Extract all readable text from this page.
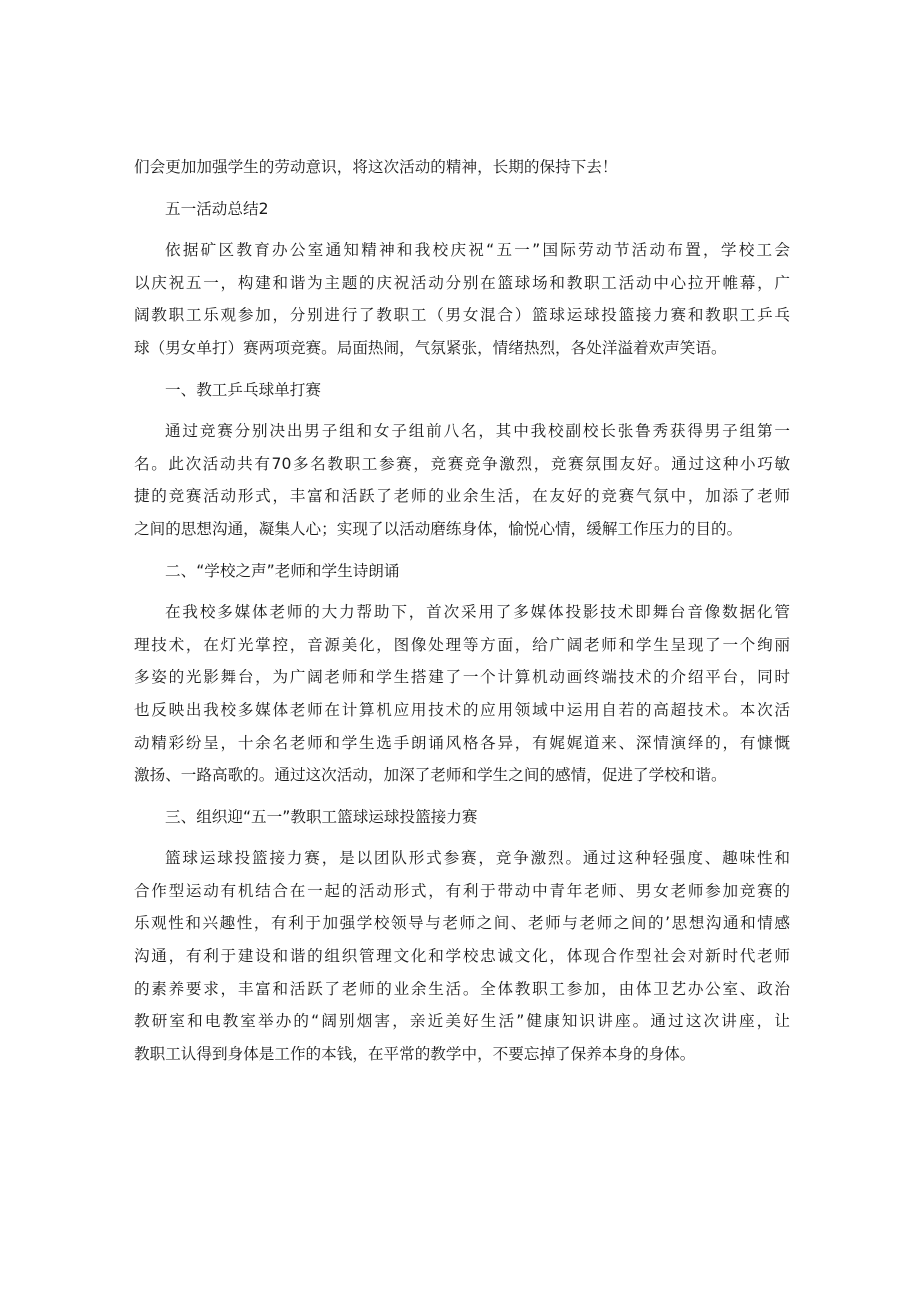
们会更加加强学生的劳动意识，将这次活动的精神，长期的保持下去！

五一活动总结2

依据矿区教育办公室通知精神和我校庆祝“五一”国际劳动节活动布置，学校工会

以庆祝五一，构建和谐为主题的庆祝活动分别在篮球场和教职工活动中心拉开帷幕，广

阔教职工乐观参加，分别进行了教职工（男女混合）篮球运球投篮接力赛和教职工乒乓

球（男女单打）赛两项竞赛。局面热闹，气氛紧张，情绪热烈，各处洋溢着欢声笑语。

一、教工乒乓球单打赛

通过竞赛分别决出男子组和女子组前八名，其中我校副校长张鲁秀获得男子组第一

名。此次活动共有70多名教职工参赛，竞赛竞争激烈，竞赛氛围友好。通过这种小巧敏

捷的竞赛活动形式，丰富和活跃了老师的业余生活，在友好的竞赛气氛中，加添了老师

之间的思想沟通，凝集人心；实现了以活动磨练身体，愉悦心情，缓解工作压力的目的。

二、“学校之声”老师和学生诗朗诵

在我校多媒体老师的大力帮助下，首次采用了多媒体投影技术即舞台音像数据化管

理技术，在灯光掌控，音源美化，图像处理等方面，给广阔老师和学生呈现了一个绚丽

多姿的光影舞台，为广阔老师和学生搭建了一个计算机动画终端技术的介绍平台，同时

也反映出我校多媒体老师在计算机应用技术的应用领域中运用自若的高超技术。本次活

动精彩纷呈，十余名老师和学生选手朗诵风格各异，有娓娓道来、深情演绎的，有慷慨

激扬、一路高歌的。通过这次活动，加深了老师和学生之间的感情，促进了学校和谐。

三、组织迎“五一”教职工篮球运球投篮接力赛

篮球运球投篮接力赛，是以团队形式参赛，竞争激烈。通过这种轻强度、趣味性和

合作型运动有机结合在一起的活动形式，有利于带动中青年老师、男女老师参加竞赛的

乐观性和兴趣性，有利于加强学校领导与老师之间、老师与老师之间的’思想沟通和情感

沟通，有利于建设和谐的组织管理文化和学校忠诚文化，体现合作型社会对新时代老师

的素养要求，丰富和活跃了老师的业余生活。全体教职工参加，由体卫艺办公室、政治

教研室和电教室举办的“阔别烟害，亲近美好生活”健康知识讲座。通过这次讲座，让

教职工认得到身体是工作的本钱，在平常的教学中，不要忘掉了保养本身的身体。
